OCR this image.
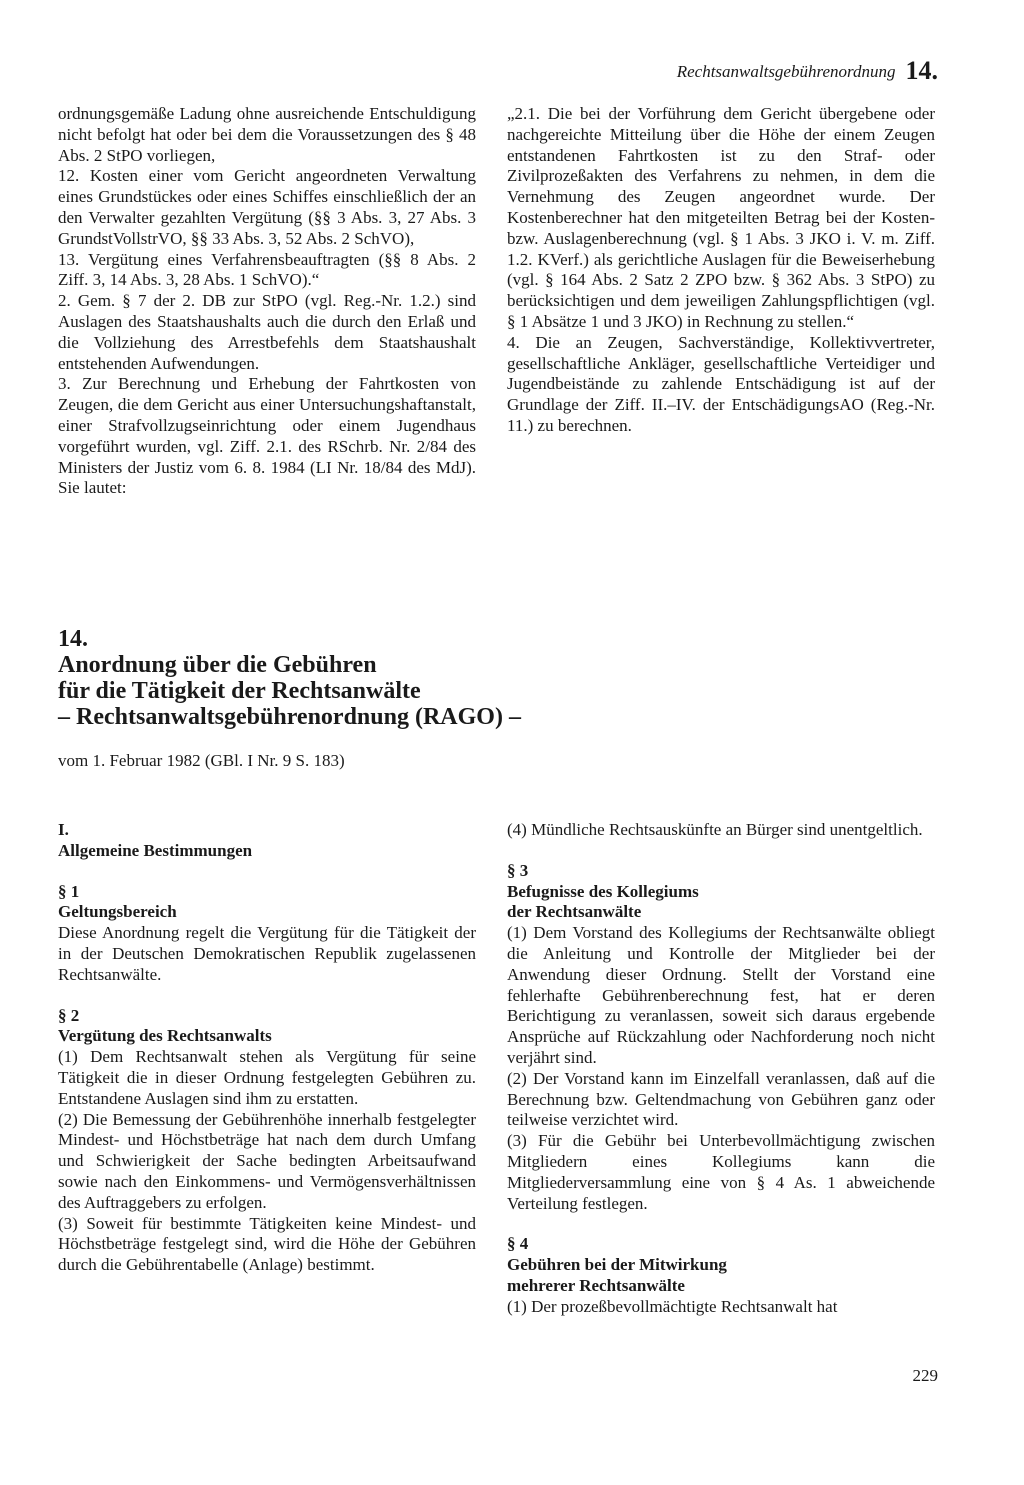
Rechtsanwaltsgebührenordnung 14.

ordnungsgemäße Ladung ohne ausreichende Entschuldigung nicht befolgt hat oder bei dem die Voraussetzungen des § 48 Abs. 2 StPO vorliegen,

12. Kosten einer vom Gericht angeordneten Verwaltung eines Grundstückes oder eines Schiffes einschließlich der an den Verwalter gezahlten Vergütung (§§ 3 Abs. 3, 27 Abs. 3 GrundstVollstrVO, §§ 33 Abs. 3, 52 Abs. 2 SchVO),

13. Vergütung eines Verfahrensbeauftragten (§§ 8 Abs. 2 Ziff. 3, 14 Abs. 3, 28 Abs. 1 SchVO).“

2. Gem. § 7 der 2. DB zur StPO (vgl. Reg.-Nr. 1.2.) sind Auslagen des Staatshaushalts auch die durch den Erlaß und die Vollziehung des Arrestbefehls dem Staatshaushalt entstehenden Aufwendungen.

3. Zur Berechnung und Erhebung der Fahrtkosten von Zeugen, die dem Gericht aus einer Untersuchungshaftanstalt, einer Strafvollzugseinrichtung oder einem Jugendhaus vorgeführt wurden, vgl. Ziff. 2.1. des RSchrb. Nr. 2/84 des Ministers der Justiz vom 6. 8. 1984 (LI Nr. 18/84 des MdJ). Sie lautet:

„2.1. Die bei der Vorführung dem Gericht übergebene oder nachgereichte Mitteilung über die Höhe der einem Zeugen entstandenen Fahrtkosten ist zu den Straf- oder Zivilprozeßakten des Verfahrens zu nehmen, in dem die Vernehmung des Zeugen angeordnet wurde. Der Kostenberechner hat den mitgeteilten Betrag bei der Kosten- bzw. Auslagenberechnung (vgl. § 1 Abs. 3 JKO i. V. m. Ziff. 1.2. KVerf.) als gerichtliche Auslagen für die Beweiserhebung (vgl. § 164 Abs. 2 Satz 2 ZPO bzw. § 362 Abs. 3 StPO) zu berücksichtigen und dem jeweiligen Zahlungspflichtigen (vgl. § 1 Absätze 1 und 3 JKO) in Rechnung zu stellen.“

4. Die an Zeugen, Sachverständige, Kollektivvertreter, gesellschaftliche Ankläger, gesellschaftliche Verteidiger und Jugendbeistände zu zahlende Entschädigung ist auf der Grundlage der Ziff. II.–IV. der EntschädigungsAO (Reg.-Nr. 11.) zu berechnen.

14.
Anordnung über die Gebühren
für die Tätigkeit der Rechtsanwälte
– Rechtsanwaltsgebührenordnung (RAGO) –
vom 1. Februar 1982 (GBl. I Nr. 9 S. 183)
I.
Allgemeine Bestimmungen
§ 1
Geltungsbereich

Diese Anordnung regelt die Vergütung für die Tätigkeit der in der Deutschen Demokratischen Republik zugelassenen Rechtsanwälte.

§ 2
Vergütung des Rechtsanwalts

(1) Dem Rechtsanwalt stehen als Vergütung für seine Tätigkeit die in dieser Ordnung festgelegten Gebühren zu. Entstandene Auslagen sind ihm zu erstatten.

(2) Die Bemessung der Gebührenhöhe innerhalb festgelegter Mindest- und Höchstbeträge hat nach dem durch Umfang und Schwierigkeit der Sache bedingten Arbeitsaufwand sowie nach den Einkommens- und Vermögensverhältnissen des Auftraggebers zu erfolgen.

(3) Soweit für bestimmte Tätigkeiten keine Mindest- und Höchstbeträge festgelegt sind, wird die Höhe der Gebühren durch die Gebührentabelle (Anlage) bestimmt.

(4) Mündliche Rechtsauskünfte an Bürger sind unentgeltlich.

§ 3
Befugnisse des Kollegiums
der Rechtsanwälte

(1) Dem Vorstand des Kollegiums der Rechtsanwälte obliegt die Anleitung und Kontrolle der Mitglieder bei der Anwendung dieser Ordnung. Stellt der Vorstand eine fehlerhafte Gebührenberechnung fest, hat er deren Berichtigung zu veranlassen, soweit sich daraus ergebende Ansprüche auf Rückzahlung oder Nachforderung noch nicht verjährt sind.

(2) Der Vorstand kann im Einzelfall veranlassen, daß auf die Berechnung bzw. Geltendmachung von Gebühren ganz oder teilweise verzichtet wird.

(3) Für die Gebühr bei Unterbevollmächtigung zwischen Mitgliedern eines Kollegiums kann die Mitgliederversammlung eine von § 4 As. 1 abweichende Verteilung festlegen.

§ 4
Gebühren bei der Mitwirkung
mehrerer Rechtsanwälte

(1) Der prozeßbevollmächtigte Rechtsanwalt hat

229
